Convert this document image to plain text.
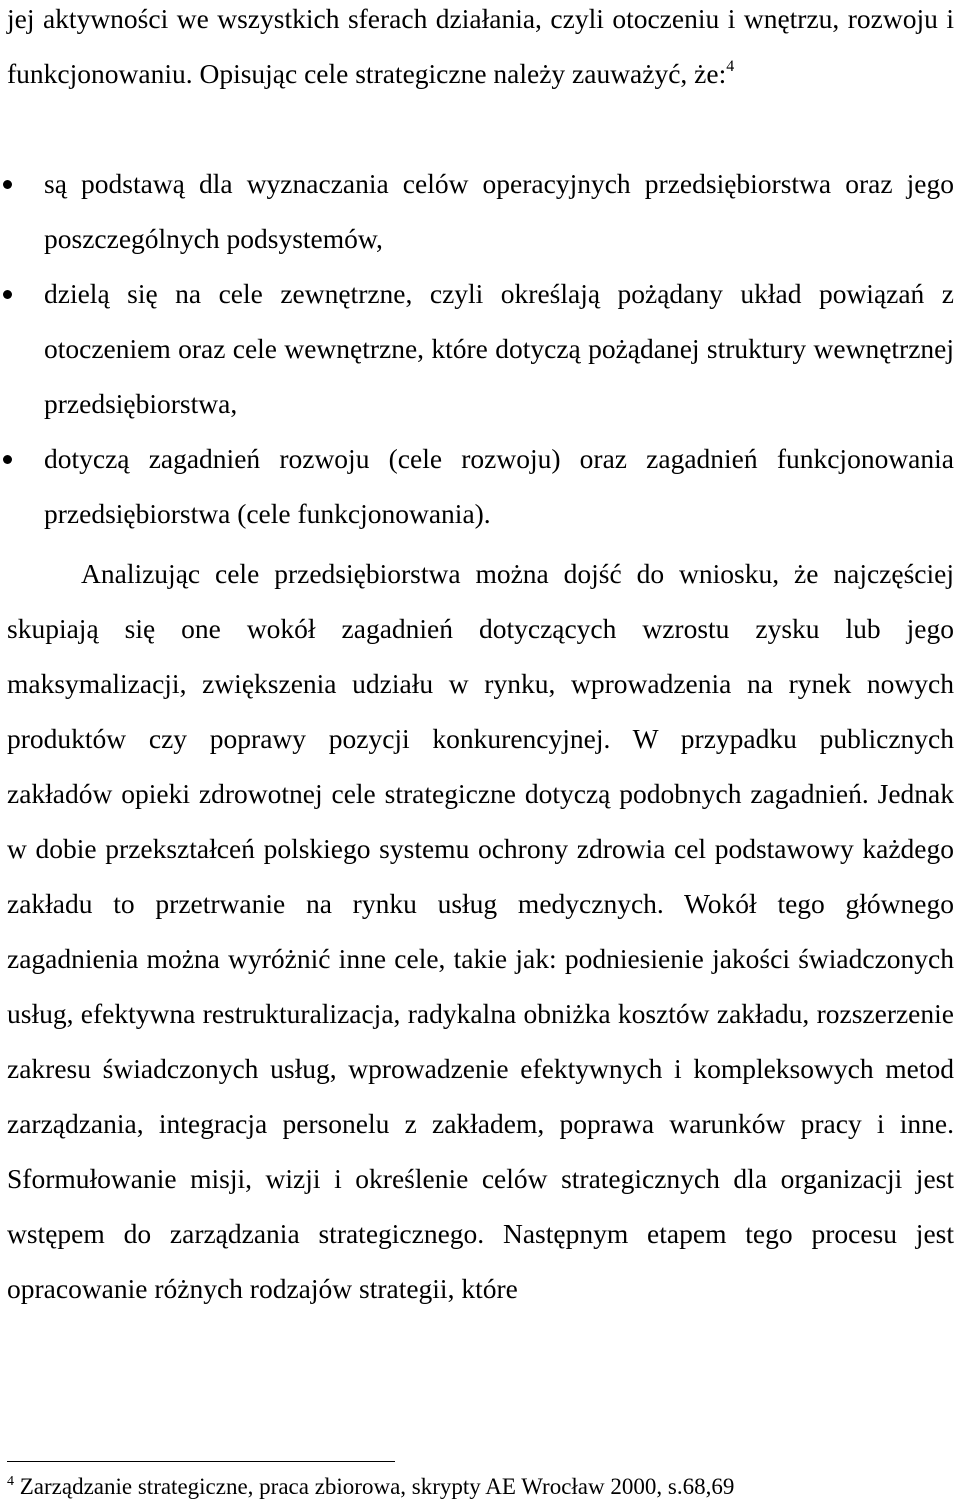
jej aktywności we wszystkich sferach działania, czyli otoczeniu i wnętrzu, rozwoju i funkcjonowaniu. Opisując cele strategiczne należy zauważyć, że:$^4$

są podstawą dla wyznaczania celów operacyjnych przedsiębiorstwa oraz jego poszczególnych podsystemów,
dzielą się na cele zewnętrzne, czyli określają pożądany układ powiązań z otoczeniem oraz cele wewnętrzne, które dotyczą pożądanej struktury wewnętrznej przedsiębiorstwa,
dotyczą zagadnień rozwoju (cele rozwoju) oraz zagadnień funkcjonowania przedsiębiorstwa (cele funkcjonowania).

Analizując cele przedsiębiorstwa można dojść do wniosku, że najczęściej skupiają się one wokół zagadnień dotyczących wzrostu zysku lub jego maksymalizacji, zwiększenia udziału w rynku, wprowadzenia na rynek nowych produktów czy poprawy pozycji konkurencyjnej. W przypadku publicznych zakładów opieki zdrowotnej cele strategiczne dotyczą podobnych zagadnień. Jednak w dobie przekształceń polskiego systemu ochrony zdrowia cel podstawowy każdego zakładu to przetrwanie na rynku usług medycznych. Wokół tego głównego zagadnienia można wyróżnić inne cele, takie jak: podniesienie jakości świadczonych usług, efektywna restrukturalizacja, radykalna obniżka kosztów zakładu, rozszerzenie zakresu świadczonych usług, wprowadzenie efektywnych i kompleksowych metod zarządzania, integracja personelu z zakładem, poprawa warunków pracy i inne. Sformułowanie misji, wizji i określenie celów strategicznych dla organizacji jest wstępem do zarządzania strategicznego. Następnym etapem tego procesu jest opracowanie różnych rodzajów strategii, które

$^4$ Zarządzanie strategiczne, praca zbiorowa, skrypty AE Wrocław 2000, s.68,69
